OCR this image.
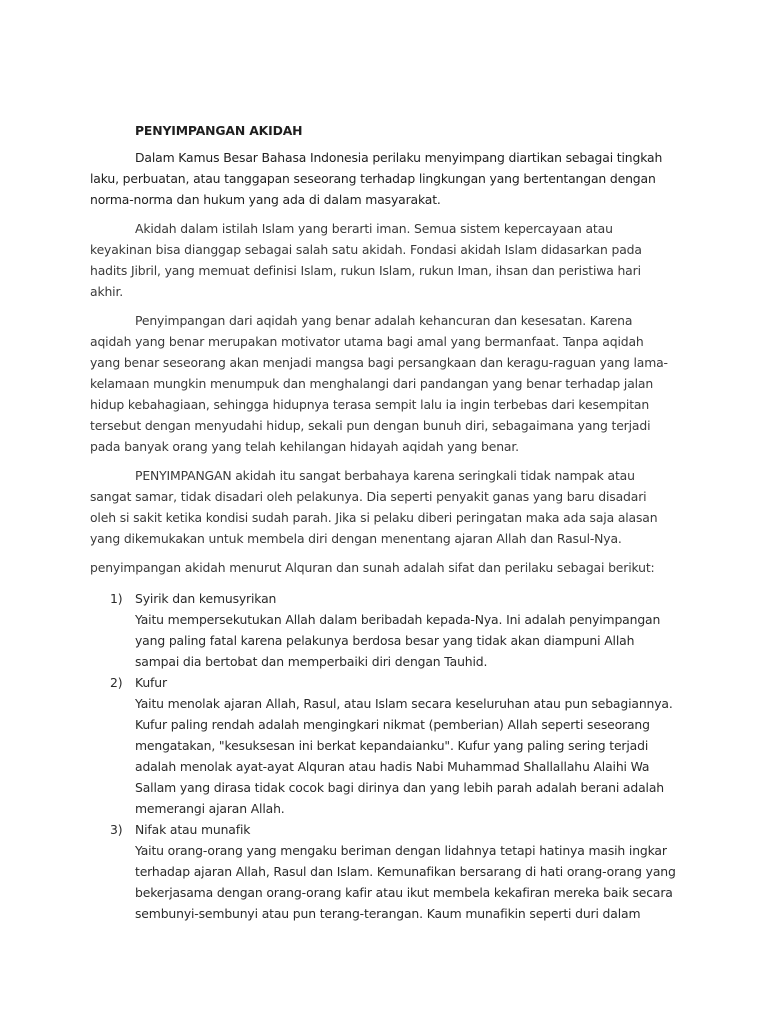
PENYIMPANGAN AKIDAH

Dalam Kamus Besar Bahasa Indonesia perilaku menyimpang diartikan sebagai tingkah laku, perbuatan, atau tanggapan seseorang terhadap lingkungan yang bertentangan dengan norma-norma dan hukum yang ada di dalam masyarakat.

Akidah dalam istilah Islam yang berarti iman. Semua sistem kepercayaan atau keyakinan bisa dianggap sebagai salah satu akidah. Fondasi akidah Islam didasarkan pada hadits Jibril, yang memuat definisi Islam, rukun Islam, rukun Iman, ihsan dan peristiwa hari akhir.

Penyimpangan dari aqidah yang benar adalah kehancuran dan kesesatan. Karena aqidah yang benar merupakan motivator utama bagi amal yang bermanfaat. Tanpa aqidah yang benar seseorang akan menjadi mangsa bagi persangkaan dan keragu-raguan yang lama-kelamaan mungkin menumpuk dan menghalangi dari pandangan yang benar terhadap jalan hidup kebahagiaan, sehingga hidupnya terasa sempit lalu ia ingin terbebas dari kesempitan tersebut dengan menyudahi hidup, sekali pun dengan bunuh diri, sebagaimana yang terjadi pada banyak orang yang telah kehilangan hidayah aqidah yang benar.

PENYIMPANGAN akidah itu sangat berbahaya karena seringkali tidak nampak atau sangat samar, tidak disadari oleh pelakunya. Dia seperti penyakit ganas yang baru disadari oleh si sakit ketika kondisi sudah parah. Jika si pelaku diberi peringatan maka ada saja alasan yang dikemukakan untuk membela diri dengan menentang ajaran Allah dan Rasul-Nya.

penyimpangan akidah menurut Alquran dan sunah adalah sifat dan perilaku sebagai berikut:

1) Syirik dan kemusyrikan
Yaitu mempersekutukan Allah dalam beribadah kepada-Nya. Ini adalah penyimpangan yang paling fatal karena pelakunya berdosa besar yang tidak akan diampuni Allah sampai dia bertobat dan memperbaiki diri dengan Tauhid.
2) Kufur
Yaitu menolak ajaran Allah, Rasul, atau Islam secara keseluruhan atau pun sebagiannya. Kufur paling rendah adalah mengingkari nikmat (pemberian) Allah seperti seseorang mengatakan, "kesuksesan ini berkat kepandaianku". Kufur yang paling sering terjadi adalah menolak ayat-ayat Alquran atau hadis Nabi Muhammad Shallallahu Alaihi Wa Sallam yang dirasa tidak cocok bagi dirinya dan yang lebih parah adalah berani adalah memerangi ajaran Allah.
3) Nifak atau munafik
Yaitu orang-orang yang mengaku beriman dengan lidahnya tetapi hatinya masih ingkar terhadap ajaran Allah, Rasul dan Islam. Kemunafikan bersarang di hati orang-orang yang bekerjasama dengan orang-orang kafir atau ikut membela kekafiran mereka baik secara sembunyi-sembunyi atau pun terang-terangan. Kaum munafikin seperti duri dalam
